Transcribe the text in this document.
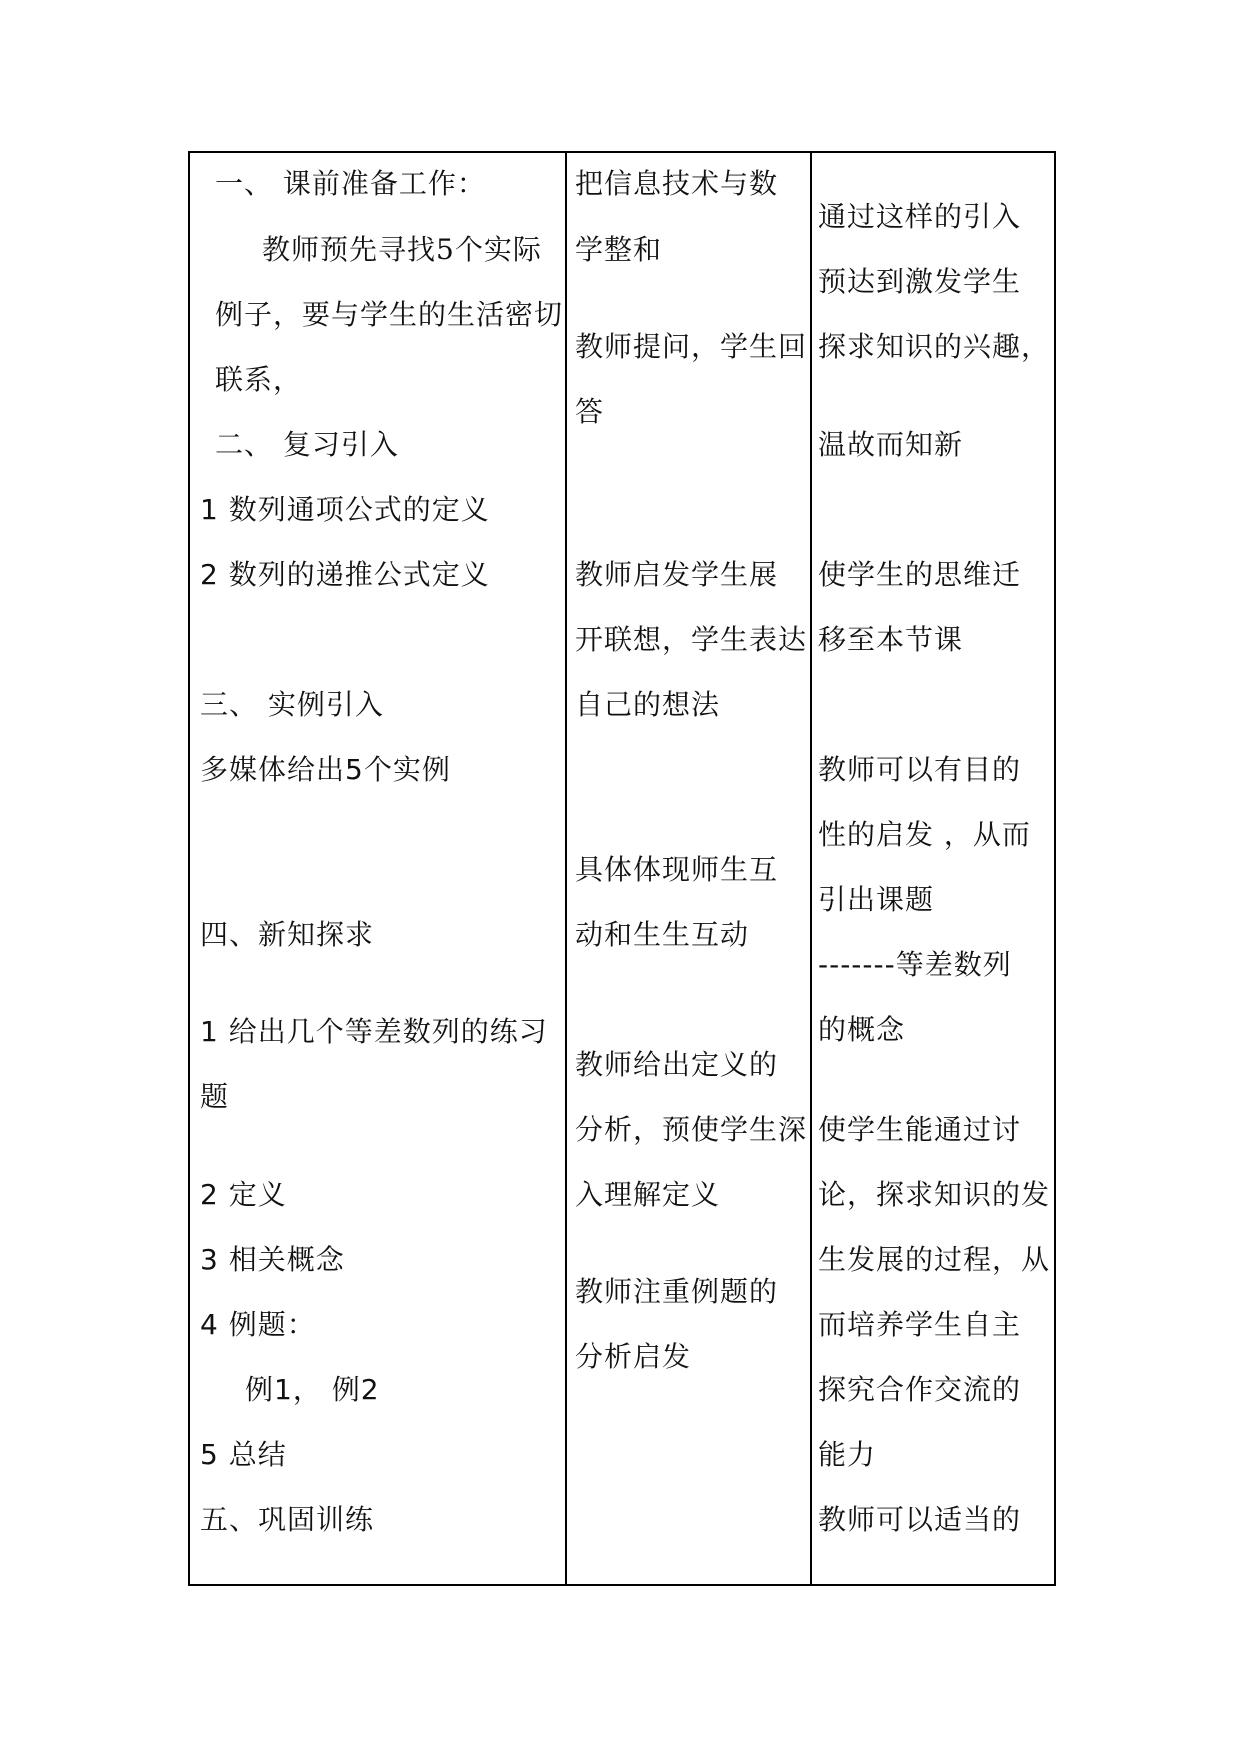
一、 课前准备工作：
教师预先寻找5个实际
例子，要与学生的生活密切
联系，
二、 复习引入
1 数列通项公式的定义
2 数列的递推公式定义
三、 实例引入
多媒体给出5个实例
四、新知探求
1 给出几个等差数列的练习
题
2 定义
3 相关概念
4 例题：
例1， 例2
5 总结
五、巩固训练
把信息技术与数
学整和
教师提问，学生回
答
教师启发学生展
开联想，学生表达
自己的想法
具体体现师生互
动和生生互动
教师给出定义的
分析，预使学生深
入理解定义
教师注重例题的
分析启发
通过这样的引入
预达到激发学生
探求知识的兴趣，
温故而知新
使学生的思维迁
移至本节课
教师可以有目的
性的启发 ，从而
引出课题
-------等差数列
的概念
使学生能通过讨
论，探求知识的发
生发展的过程，从
而培养学生自主
探究合作交流的
能力
教师可以适当的
